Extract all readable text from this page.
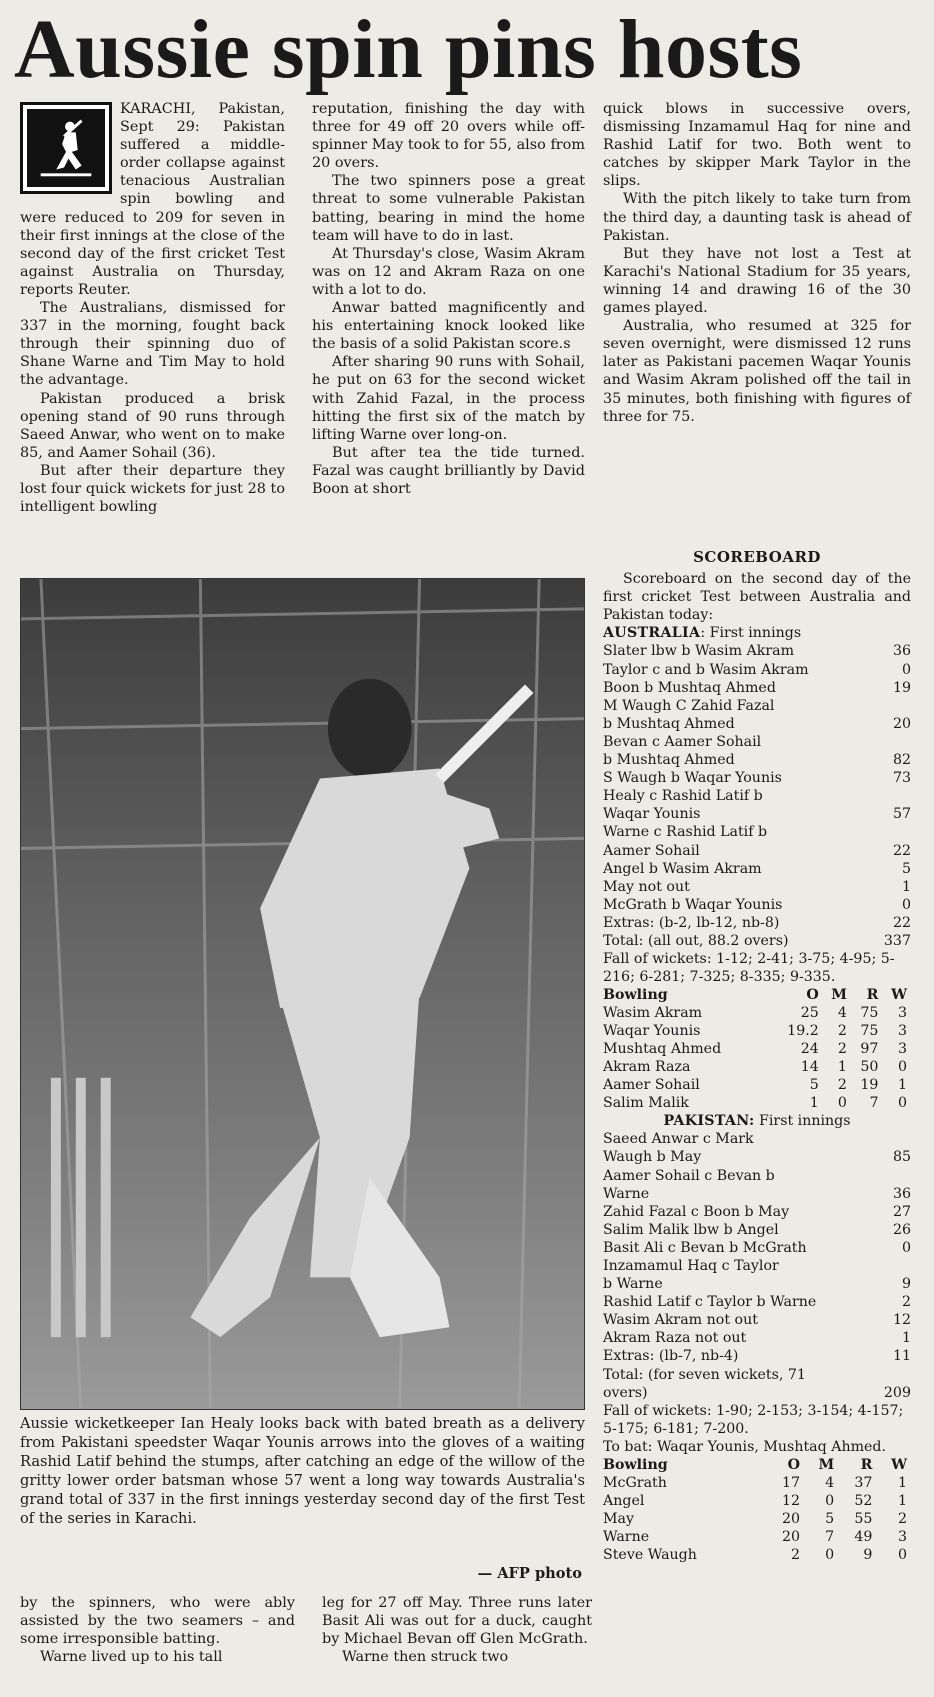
Aussie spin pins hosts

KARACHI, Pakistan, Sept 29: Pakistan suffered a middle-order collapse against tenacious Australian spin bowling and were reduced to 209 for seven in their first innings at the close of the second day of the first cricket Test against Australia on Thursday, reports Reuter.

The Australians, dismissed for 337 in the morning, fought back through their spinning duo of Shane Warne and Tim May to hold the advantage.

Pakistan produced a brisk opening stand of 90 runs through Saeed Anwar, who went on to make 85, and Aamer Sohail (36).

But after their departure they lost four quick wickets for just 28 to intelligent bowling

reputation, finishing the day with three for 49 off 20 overs while off-spinner May took to for 55, also from 20 overs.

The two spinners pose a great threat to some vulnerable Pakistan batting, bearing in mind the home team will have to do in last.

At Thursday's close, Wasim Akram was on 12 and Akram Raza on one with a lot to do.

Anwar batted magnificently and his entertaining knock looked like the basis of a solid Pakistan score.s

After sharing 90 runs with Sohail, he put on 63 for the second wicket with Zahid Fazal, in the process hitting the first six of the match by lifting Warne over long-on.

But after tea the tide turned. Fazal was caught brilliantly by David Boon at short

quick blows in successive overs, dismissing Inzamamul Haq for nine and Rashid Latif for two. Both went to catches by skipper Mark Taylor in the slips.

With the pitch likely to take turn from the third day, a daunting task is ahead of Pakistan.

But they have not lost a Test at Karachi's National Stadium for 35 years, winning 14 and drawing 16 of the 30 games played.

Australia, who resumed at 325 for seven overnight, were dismissed 12 runs later as Pakistani pacemen Waqar Younis and Wasim Akram polished off the tail in 35 minutes, both finishing with figures of three for 75.

Aussie wicketkeeper Ian Healy looks back with bated breath as a delivery from Pakistani speedster Waqar Younis arrows into the gloves of a waiting Rashid Latif behind the stumps, after catching an edge of the willow of the gritty lower order batsman whose 57 went a long way towards Australia's grand total of 337 in the first innings yesterday second day of the first Test of the series in Karachi.
— AFP photo

by the spinners, who were ably assisted by the two seamers – and some irresponsible batting.

Warne lived up to his tall

leg for 27 off May. Three runs later Basit Ali was out for a duck, caught by Michael Bevan off Glen McGrath.

Warne then struck two

SCOREBOARD

Scoreboard on the second day of the first cricket Test between Australia and Pakistan today:

AUSTRALIA: First innings

Slater lbw b Wasim Akram	36
Taylor c and b Wasim Akram	0
Boon b Mushtaq Ahmed	19
M Waugh C Zahid Fazal
b Mushtaq Ahmed	20
Bevan c Aamer Sohail
b Mushtaq Ahmed	82
S Waugh b Waqar Younis	73
Healy c Rashid Latif b
Waqar Younis	57
Warne c Rashid Latif b
Aamer Sohail	22
Angel b Wasim Akram	5
May not out	1
McGrath b Waqar Younis	0
Extras: (b-2, lb-12, nb-8)	22
Total: (all out, 88.2 overs)	337

Fall of wickets: 1-12; 2-41; 3-75; 4-95; 5-216; 6-281; 7-325; 8-335; 9-335.

Bowling	O	M	R	W
Wasim Akram	25	4	75	3
Waqar Younis	19.2	2	75	3
Mushtaq Ahmed	24	2	97	3
Akram Raza	14	1	50	0
Aamer Sohail	5	2	19	1
Salim Malik	1	0	7	0

PAKISTAN: First innings

Saeed Anwar c Mark
Waugh b May	85
Aamer Sohail c Bevan b
Warne	36
Zahid Fazal c Boon b May	27
Salim Malik lbw b Angel	26
Basit Ali c Bevan b McGrath	0
Inzamamul Haq c Taylor
b Warne	9
Rashid Latif c Taylor b Warne	2
Wasim Akram not out	12
Akram Raza not out	1
Extras: (lb-7, nb-4)	11
Total: (for seven wickets, 71
overs)	209

Fall of wickets: 1-90; 2-153; 3-154; 4-157; 5-175; 6-181; 7-200.

To bat: Waqar Younis, Mushtaq Ahmed.

Bowling	O	M	R	W
McGrath	17	4	37	1
Angel	12	0	52	1
May	20	5	55	2
Warne	20	7	49	3
Steve Waugh	2	0	9	0
